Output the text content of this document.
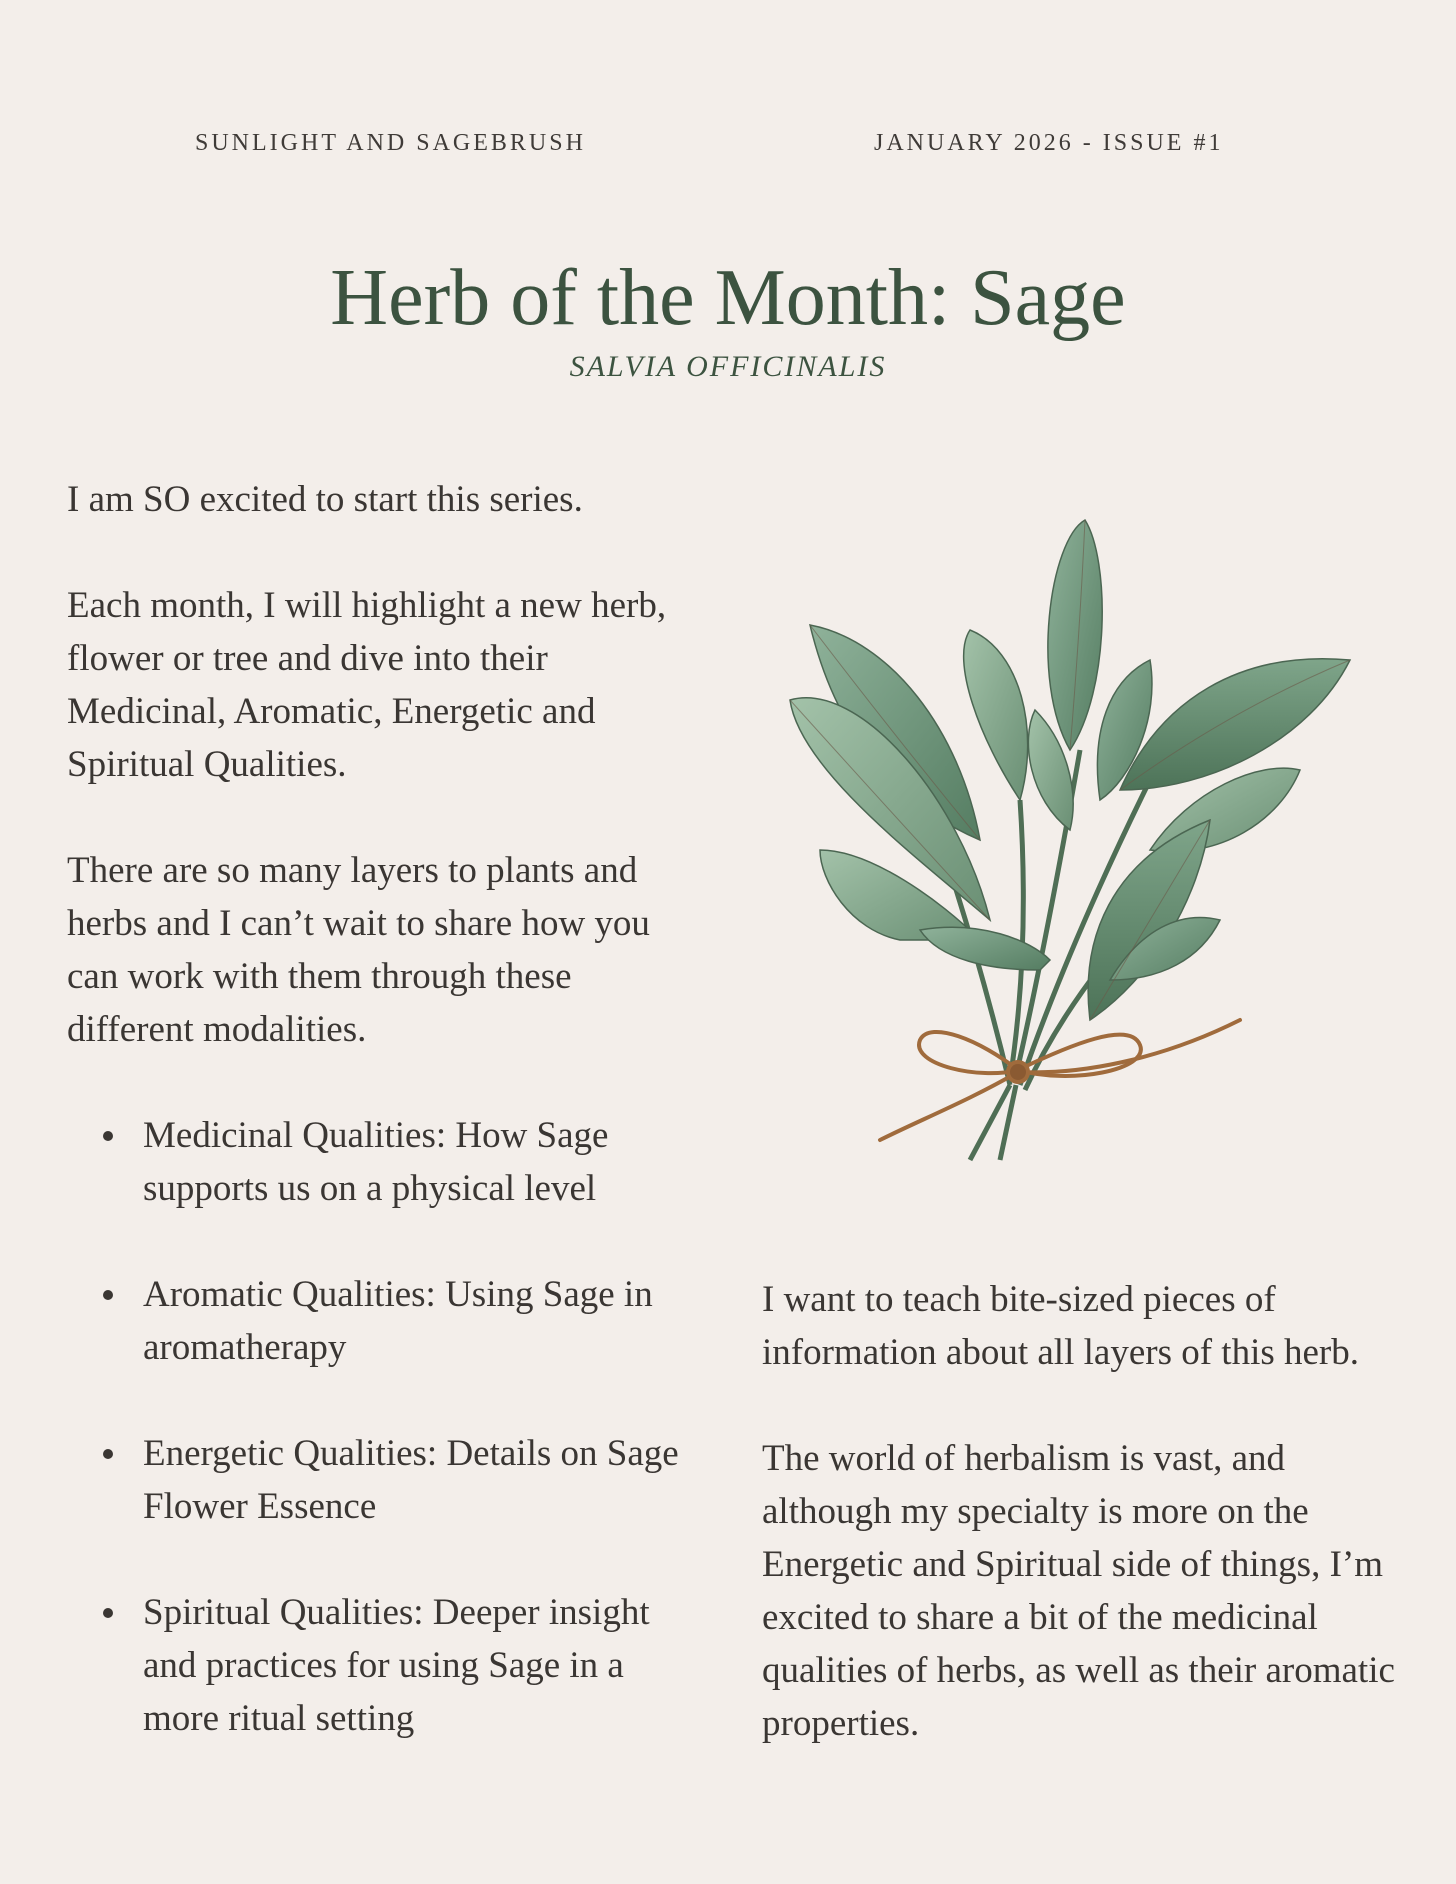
SUNLIGHT AND SAGEBRUSH	JANUARY 2026 - ISSUE #1
Herb of the Month: Sage
SALVIA OFFICINALIS

I am SO excited to start this series.

Each month, I will highlight a new herb, flower or tree and dive into their Medicinal, Aromatic, Energetic and Spiritual Qualities.

There are so many layers to plants and herbs and I can’t wait to share how you can work with them through these different modalities.

Medicinal Qualities: How Sage supports us on a physical level
Aromatic Qualities: Using Sage in aromatherapy
Energetic Qualities: Details on Sage Flower Essence
Spiritual Qualities: Deeper insight and practices for using Sage in a more ritual setting

I want to teach bite-sized pieces of information about all layers of this herb.

The world of herbalism is vast, and although my specialty is more on the Energetic and Spiritual side of things, I’m excited to share a bit of the medicinal qualities of herbs, as well as their aromatic properties.
